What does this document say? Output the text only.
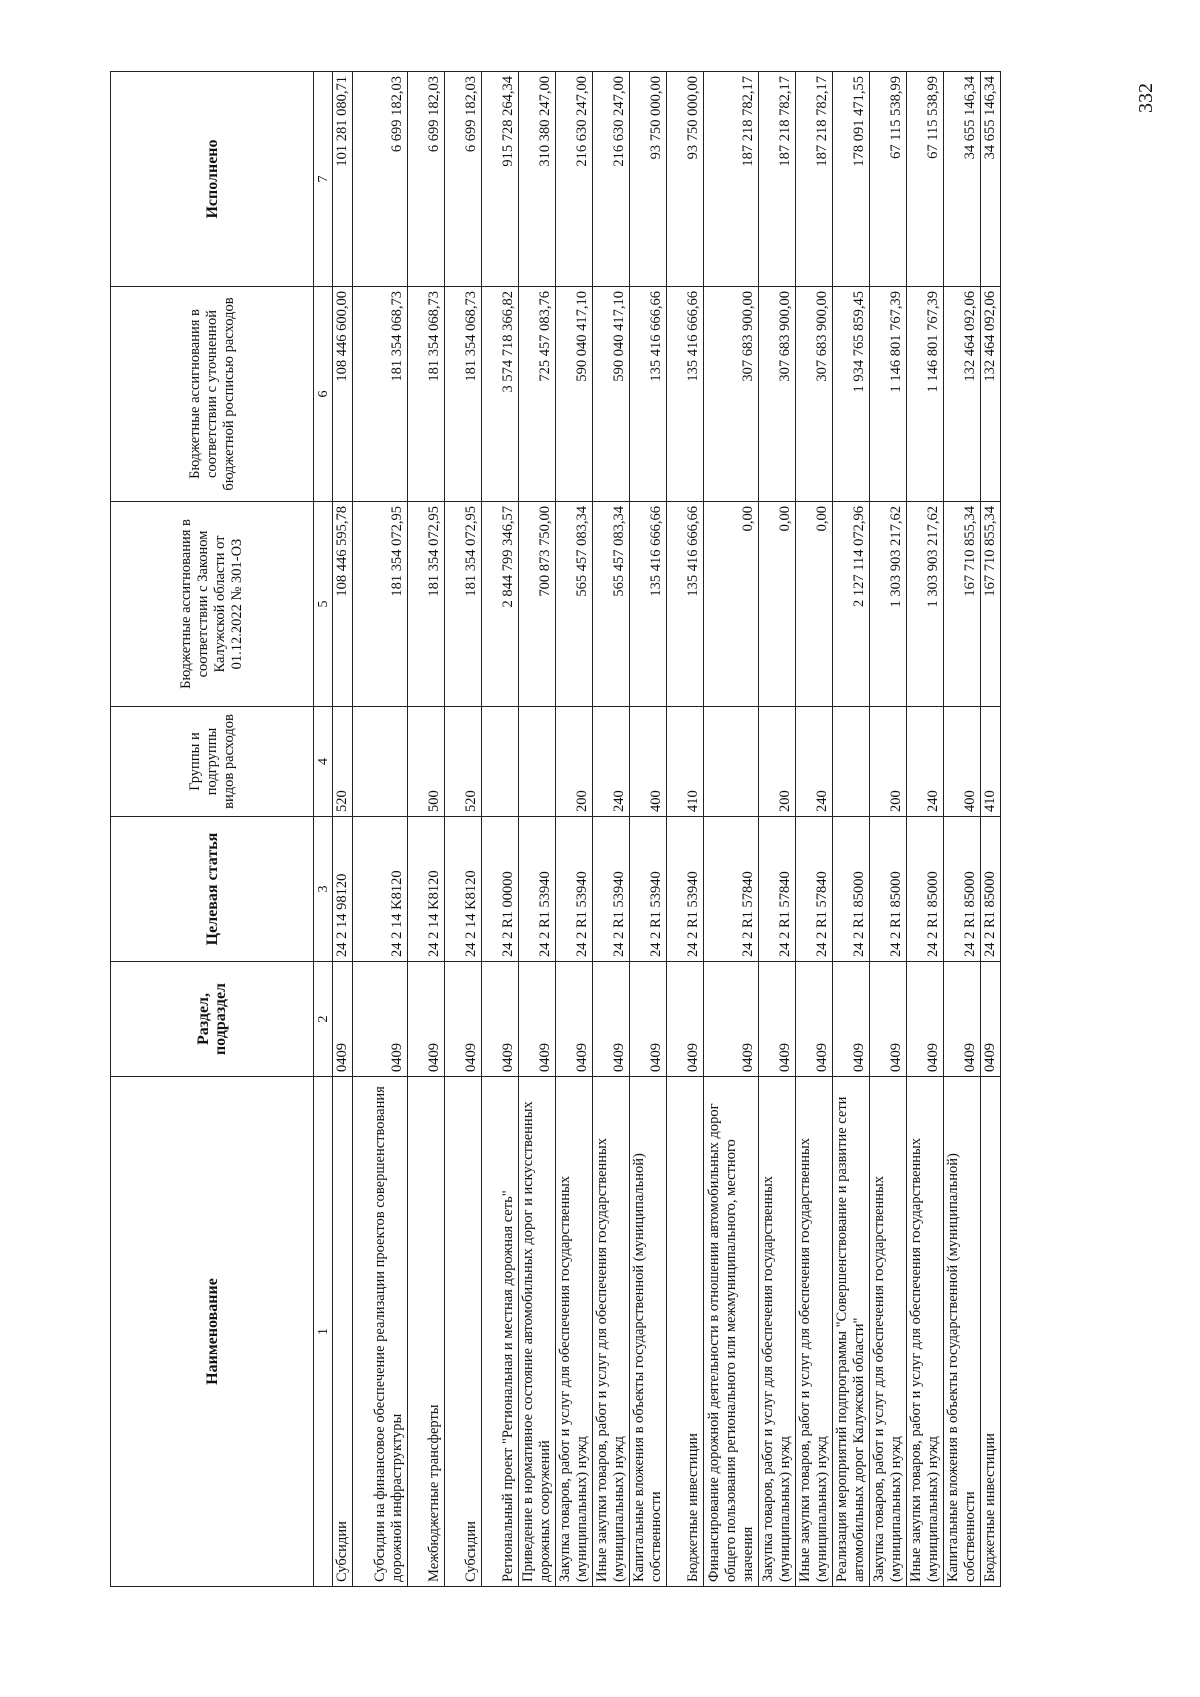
332
Наименование	Раздел, подраздел	Целевая статья	Группы и подгруппы видов расходов	Бюджетные ассигнования в соответствии с Законом Калужской области от 01.12.2022 № 301-ОЗ	Бюджетные ассигнования в соответствии с уточненной бюджетной росписью расходов	Исполнено
1	2	3	4	5	6	7
Субсидии	0409	24 2 14 98120	520	108 446 595,78	108 446 600,00	101 281 080,71
Субсидии на финансовое обеспечение реализации проектов совершенствования дорожной инфраструктуры	0409	24 2 14 K8120		181 354 072,95	181 354 068,73	6 699 182,03
Межбюджетные трансферты	0409	24 2 14 K8120	500	181 354 072,95	181 354 068,73	6 699 182,03
Субсидии	0409	24 2 14 K8120	520	181 354 072,95	181 354 068,73	6 699 182,03
Региональный проект "Региональная и местная дорожная сеть"	0409	24 2 R1 00000		2 844 799 346,57	3 574 718 366,82	915 728 264,34
Приведение в нормативное состояние автомобильных дорог и искусственных дорожных сооружений	0409	24 2 R1 53940		700 873 750,00	725 457 083,76	310 380 247,00
Закупка товаров, работ и услуг для обеспечения государственных (муниципальных) нужд	0409	24 2 R1 53940	200	565 457 083,34	590 040 417,10	216 630 247,00
Иные закупки товаров, работ и услуг для обеспечения государственных (муниципальных) нужд	0409	24 2 R1 53940	240	565 457 083,34	590 040 417,10	216 630 247,00
Капитальные вложения в объекты государственной (муниципальной) собственности	0409	24 2 R1 53940	400	135 416 666,66	135 416 666,66	93 750 000,00
Бюджетные инвестиции	0409	24 2 R1 53940	410	135 416 666,66	135 416 666,66	93 750 000,00
Финансирование дорожной деятельности в отношении автомобильных дорог общего пользования регионального или межмуниципального, местного значения	0409	24 2 R1 57840		0,00	307 683 900,00	187 218 782,17
Закупка товаров, работ и услуг для обеспечения государственных (муниципальных) нужд	0409	24 2 R1 57840	200	0,00	307 683 900,00	187 218 782,17
Иные закупки товаров, работ и услуг для обеспечения государственных (муниципальных) нужд	0409	24 2 R1 57840	240	0,00	307 683 900,00	187 218 782,17
Реализация мероприятий подпрограммы "Совершенствование и развитие сети автомобильных дорог Калужской области"	0409	24 2 R1 85000		2 127 114 072,96	1 934 765 859,45	178 091 471,55
Закупка товаров, работ и услуг для обеспечения государственных (муниципальных) нужд	0409	24 2 R1 85000	200	1 303 903 217,62	1 146 801 767,39	67 115 538,99
Иные закупки товаров, работ и услуг для обеспечения государственных (муниципальных) нужд	0409	24 2 R1 85000	240	1 303 903 217,62	1 146 801 767,39	67 115 538,99
Капитальные вложения в объекты государственной (муниципальной) собственности	0409	24 2 R1 85000	400	167 710 855,34	132 464 092,06	34 655 146,34
Бюджетные инвестиции	0409	24 2 R1 85000	410	167 710 855,34	132 464 092,06	34 655 146,34
